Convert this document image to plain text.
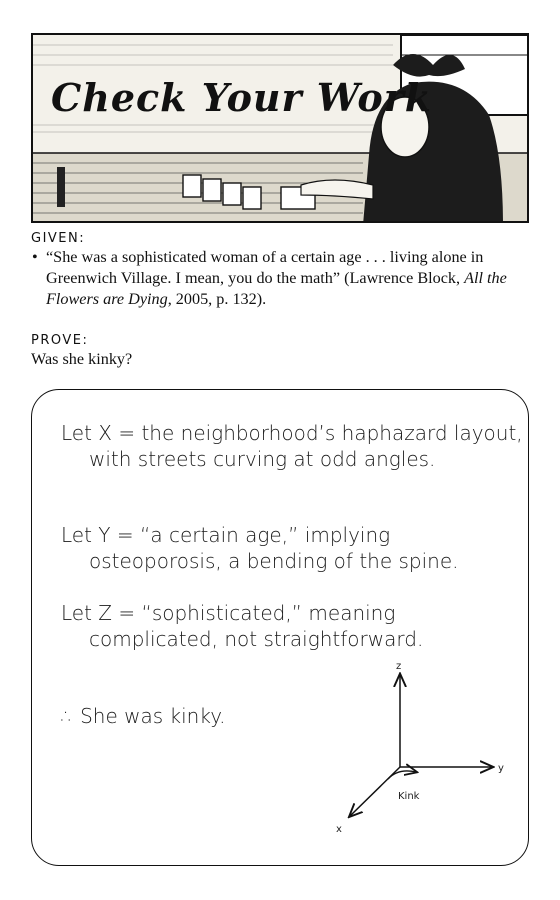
Check Your Work
GIVEN:
• “She was a sophisticated woman of a certain age . . . living alone in Greenwich Village. I mean, you do the math” (Lawrence Block, All the Flowers are Dying, 2005, p. 132).
PROVE:
Was she kinky?
Let X = the neighborhood’s haphazard layout, with streets curving at odd angles.
Let Y = “a certain age,” implying osteoporosis, a bending of the spine.
Let Z = “sophisticated,” meaning complicated, not straightforward.
∴ She was kinky.
z
y
x
Kink
